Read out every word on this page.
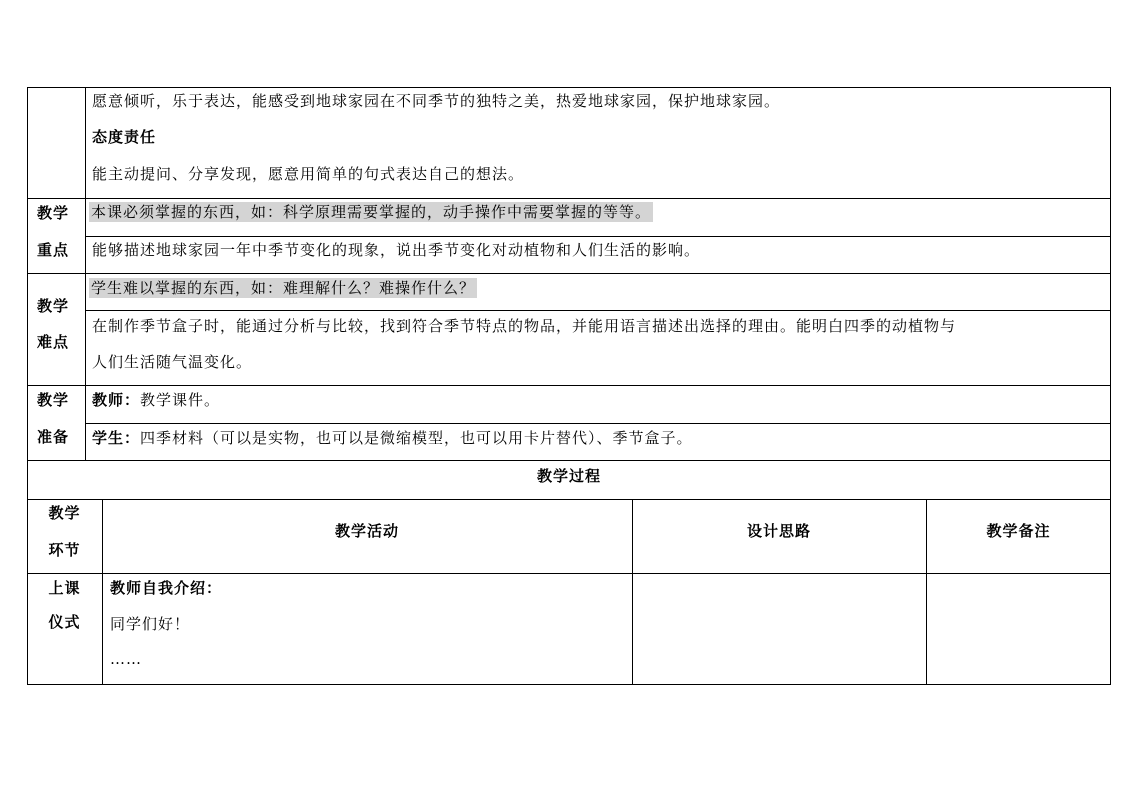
愿意倾听，乐于表达，能感受到地球家园在不同季节的独特之美，热爱地球家园，保护地球家园。
态度责任
能主动提问、分享发现，愿意用简单的句式表达自己的想法。
教学
重点
本课必须掌握的东西，如：科学原理需要掌握的，动手操作中需要掌握的等等。
能够描述地球家园一年中季节变化的现象，说出季节变化对动植物和人们生活的影响。
教学
难点
学生难以掌握的东西，如：难理解什么？难操作什么？
在制作季节盒子时，能通过分析与比较，找到符合季节特点的物品，并能用语言描述出选择的理由。能明白四季的动植物与
人们生活随气温变化。
教学
准备
教师：教学课件。
学生：四季材料（可以是实物，也可以是微缩模型，也可以用卡片替代）、季节盒子。
教学过程
教学
环节
教学活动	设计思路	教学备注
上课
仪式
教师自我介绍：
同学们好！
……
